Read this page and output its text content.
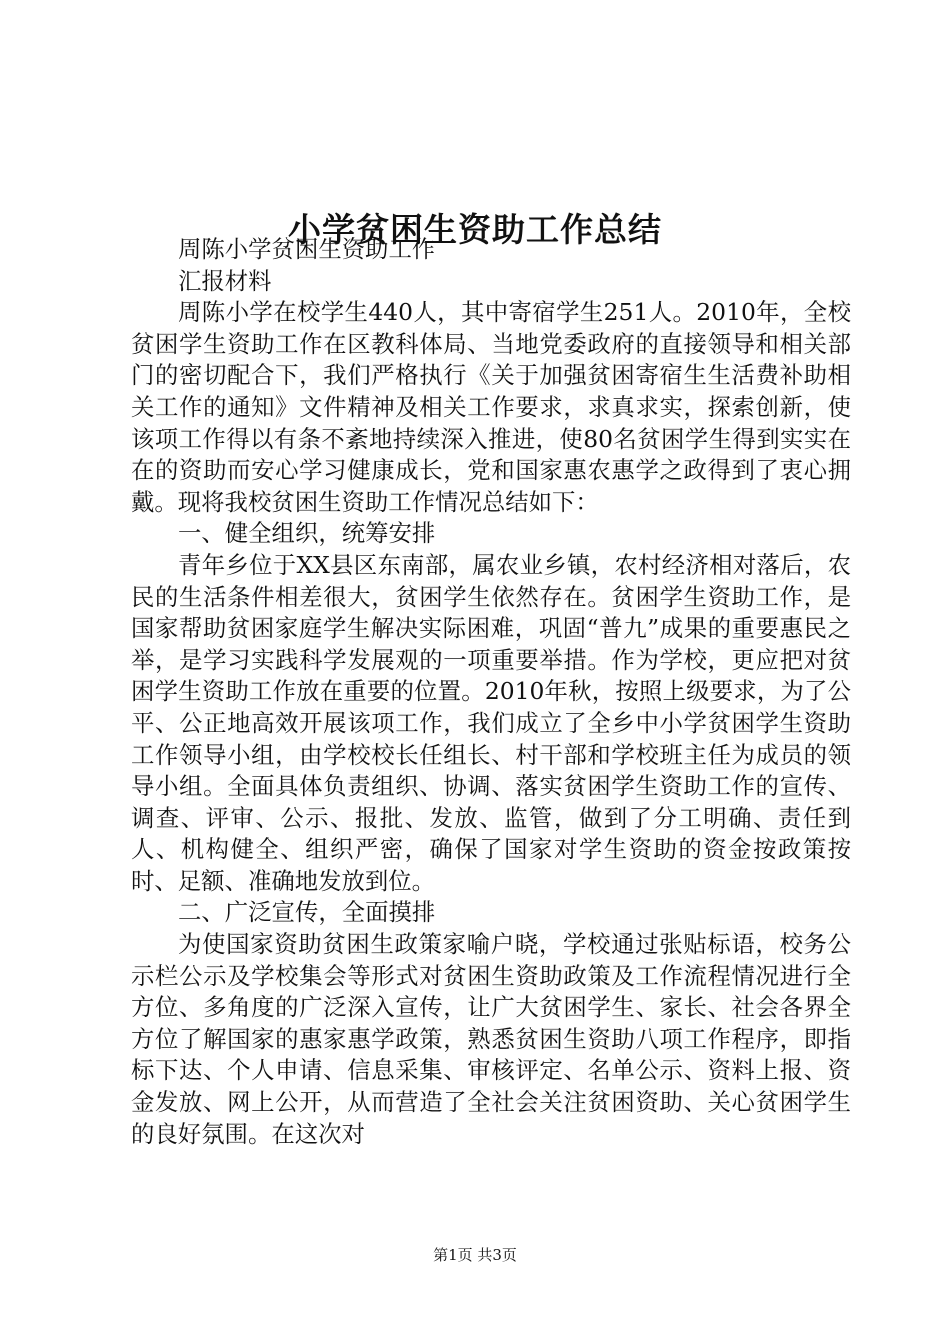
小学贫困生资助工作总结

周陈小学贫困生资助工作

汇报材料

周陈小学在校学生440人，其中寄宿学生251人。2010年，全校贫困学生资助工作在区教科体局、当地党委政府的直接领导和相关部门的密切配合下，我们严格执行《关于加强贫困寄宿生生活费补助相关工作的通知》文件精神及相关工作要求，求真求实，探索创新，使该项工作得以有条不紊地持续深入推进，使80名贫困学生得到实实在在的资助而安心学习健康成长，党和国家惠农惠学之政得到了衷心拥戴。现将我校贫困生资助工作情况总结如下：

一、健全组织，统筹安排

青年乡位于XX县区东南部，属农业乡镇，农村经济相对落后，农民的生活条件相差很大，贫困学生依然存在。贫困学生资助工作，是国家帮助贫困家庭学生解决实际困难，巩固“普九”成果的重要惠民之举，是学习实践科学发展观的一项重要举措。作为学校，更应把对贫困学生资助工作放在重要的位置。2010年秋，按照上级要求，为了公平、公正地高效开展该项工作，我们成立了全乡中小学贫困学生资助工作领导小组，由学校校长任组长、村干部和学校班主任为成员的领导小组。全面具体负责组织、协调、落实贫困学生资助工作的宣传、调查、评审、公示、报批、发放、监管，做到了分工明确、责任到人、机构健全、组织严密，确保了国家对学生资助的资金按政策按时、足额、准确地发放到位。

二、广泛宣传，全面摸排

为使国家资助贫困生政策家喻户晓，学校通过张贴标语，校务公示栏公示及学校集会等形式对贫困生资助政策及工作流程情况进行全方位、多角度的广泛深入宣传，让广大贫困学生、家长、社会各界全方位了解国家的惠家惠学政策，熟悉贫困生资助八项工作程序，即指标下达、个人申请、信息采集、审核评定、名单公示、资料上报、资金发放、网上公开，从而营造了全社会关注贫困资助、关心贫困学生的良好氛围。在这次对

第1页 共3页
